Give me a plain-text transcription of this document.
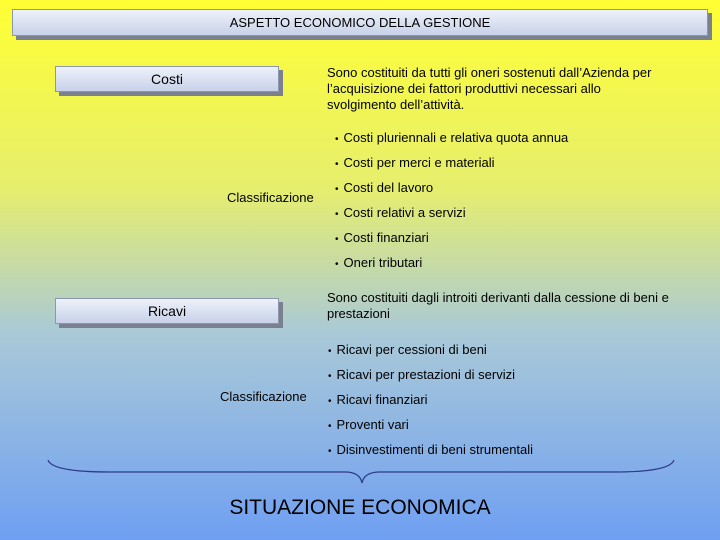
ASPETTO ECONOMICO DELLA GESTIONE
Costi	Sono costituiti da tutti gli oneri sostenuti dall’Azienda per l’acquisizione dei fattori produttivi necessari allo svolgimento dell’attività.
Classificazione
• Costi pluriennali e relativa quota annua
• Costi per merci e materiali
• Costi del lavoro
• Costi relativi a servizi
• Costi finanziari
• Oneri tributari
Ricavi
Sono costituiti dagli introiti derivanti dalla cessione di beni e prestazioni
Classificazione
• Ricavi per cessioni di beni
• Ricavi per prestazioni di servizi
• Ricavi finanziari
• Proventi vari
• Disinvestimenti di beni strumentali
SITUAZIONE ECONOMICA
